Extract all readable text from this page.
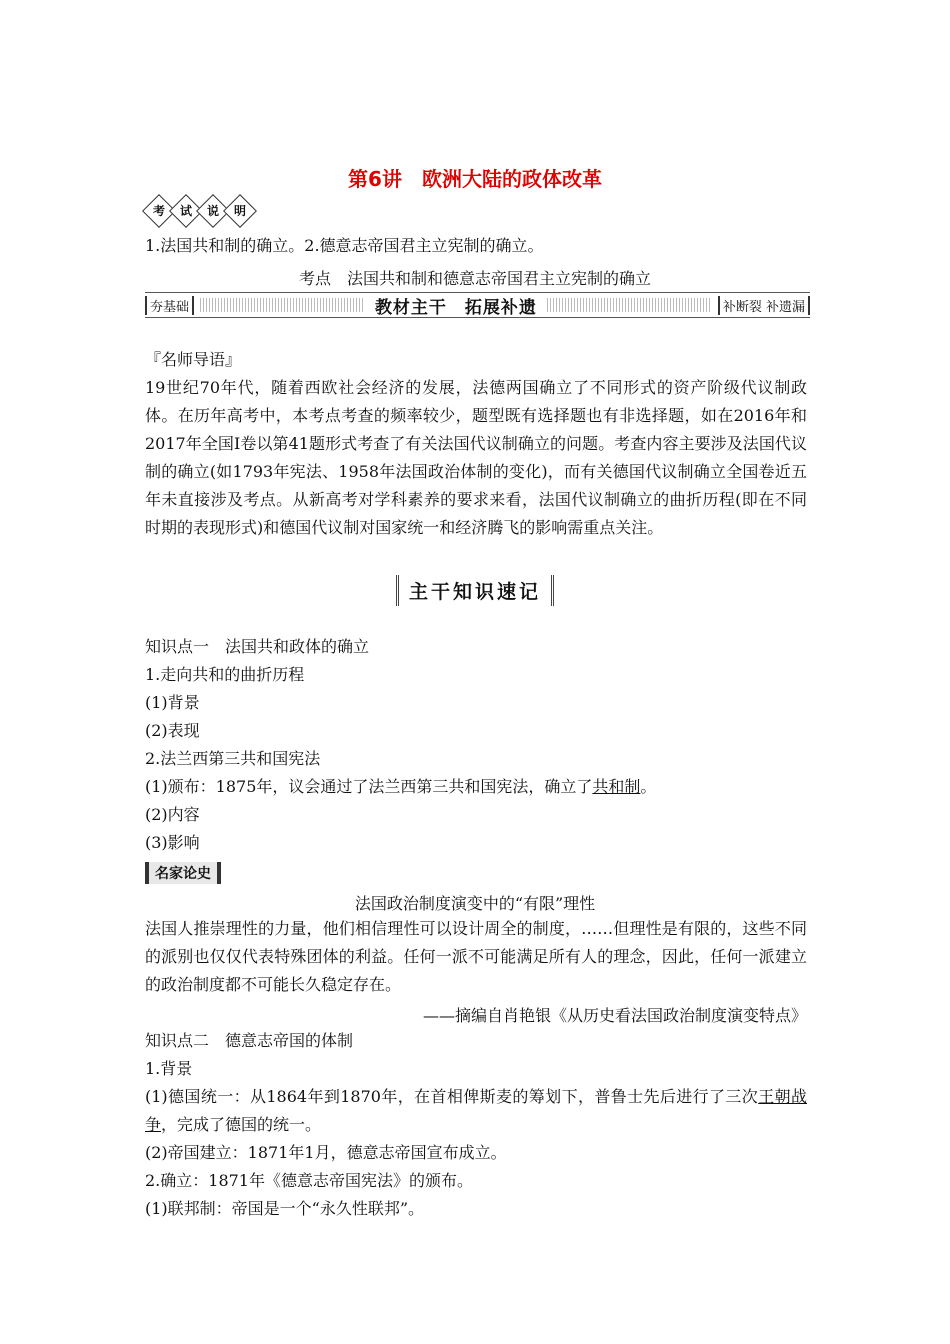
第6讲　欧洲大陆的政体改革
考	试	说	明
1.法国共和制的确立。2.德意志帝国君主立宪制的确立。
考点　法国共和制和德意志帝国君主立宪制的确立
夯基础	教材主干　拓展补遗	补断裂 补遗漏
『名师导语』
19世纪70年代，随着西欧社会经济的发展，法德两国确立了不同形式的资产阶级代议制政体。在历年高考中，本考点考查的频率较少，题型既有选择题也有非选择题，如在2016年和2017年全国Ⅰ卷以第41题形式考查了有关法国代议制确立的问题。考查内容主要涉及法国代议制的确立(如1793年宪法、1958年法国政治体制的变化)，而有关德国代议制确立全国卷近五年未直接涉及考点。从新高考对学科素养的要求来看，法国代议制确立的曲折历程(即在不同时期的表现形式)和德国代议制对国家统一和经济腾飞的影响需重点关注。
主干知识速记
知识点一　法国共和政体的确立
1.走向共和的曲折历程
(1)背景
(2)表现
2.法兰西第三共和国宪法
(1)颁布：1875年，议会通过了法兰西第三共和国宪法，确立了共和制。
(2)内容
(3)影响
名家论史
法国政治制度演变中的“有限”理性
法国人推崇理性的力量，他们相信理性可以设计周全的制度，……但理性是有限的，这些不同的派别也仅仅代表特殊团体的利益。任何一派不可能满足所有人的理念，因此，任何一派建立的政治制度都不可能长久稳定存在。
——摘编自肖艳银《从历史看法国政治制度演变特点》
知识点二　德意志帝国的体制
1.背景
(1)德国统一：从1864年到1870年，在首相俾斯麦的筹划下，普鲁士先后进行了三次王朝战争，完成了德国的统一。
(2)帝国建立：1871年1月，德意志帝国宣布成立。
2.确立：1871年《德意志帝国宪法》的颁布。
(1)联邦制：帝国是一个“永久性联邦”。
